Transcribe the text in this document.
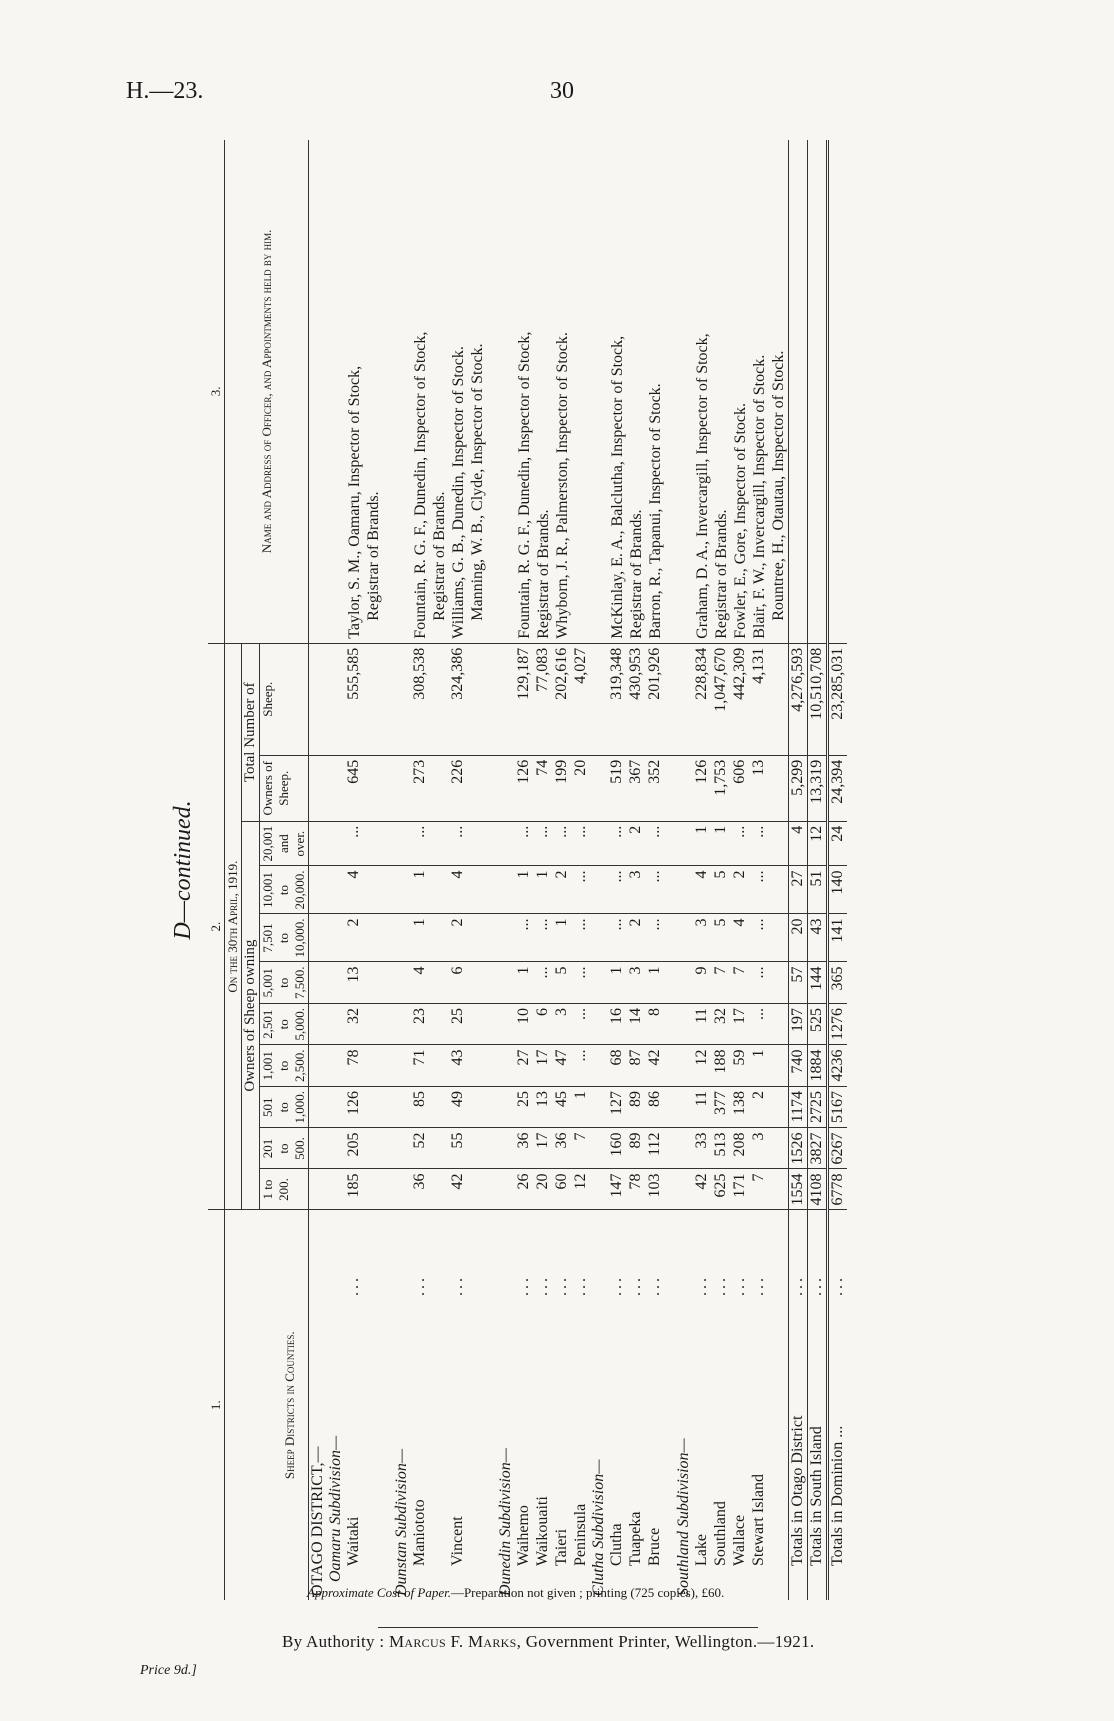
H.—23.	30
D—continued.
1.		2.											3.
Sheep Districts in Counties.		On the 30th April, 1919.											Name and Address of Officer, and Appointments held by him.
		Owners of Sheep owning									Total Number of		
		1 to 200.	201 to 500.	501 to 1,000.	1,001 to 2,500.	2,501 to 5,000.	5,001 to 7,500.	7,501 to 10,000.	10,001 to 20,000.	20,001 and over.	Owners of Sheep.	Sheep.	
OTAGO DISTRICT,—													
Oamaru Subdivision—													
Waitaki	...	185	205	126	78	32	13	2	4	...	645	555,585	Taylor, S. M., Oamaru, Inspector of Stock, Registrar of Brands.

Dunstan Subdivision—													
Maniototo	...	36	52	85	71	23	4	1	1	...	273	308,538	Fountain, R. G. F., Dunedin, Inspector of Stock, Registrar of Brands.

Vincent	...	42	55	49	43	25	6	2	4	...	226	324,386	Williams, G. B., Dunedin, Inspector of Stock. Manning, W. B., Clyde, Inspector of Stock.

Dunedin Subdivision—													
Waihemo	...	26	36	25	27	10	1	...	1	...	126	129,187	Fountain, R. G. F., Dunedin, Inspector of Stock,

Waikouaiti	...	20	17	13	17	6	...	...	1	...	74	77,083	Registrar of Brands.

Taieri	...	60	36	45	47	3	5	1	2	...	199	202,616	Whyborn, J. R., Palmerston, Inspector of Stock.

Peninsula	...	12	7	1	...	...	...	...	...	...	20	4,027	
Clutha Subdivision—													
Clutha	...	147	160	127	68	16	1	...	...	...	519	319,348	McKinlay, E. A., Balclutha, Inspector of Stock,

Tuapeka	...	78	89	89	87	14	3	2	3	2	367	430,953	Registrar of Brands.

Bruce	...	103	112	86	42	8	1	...	...	...	352	201,926	Barron, R., Tapanui, Inspector of Stock.

Southland Subdivision—													
Lake	...	42	33	11	12	11	9	3	4	1	126	228,834	Graham, D. A., Invercargill, Inspector of Stock,

Southland	...	625	513	377	188	32	7	5	5	1	1,753	1,047,670	Registrar of Brands.

Wallace	...	171	208	138	59	17	7	4	2	...	606	442,309	Fowler, E., Gore, Inspector of Stock.

Stewart Island	...	7	3	2	1	...	...	...	...	...	13	4,131	Blair, F. W., Invercargill, Inspector of Stock. Rountree, H., Otautau, Inspector of Stock.

Totals in Otago District	...	1554	1526	1174	740	197	57	20	27	4	5,299	4,276,593	
Totals in South Island	...	4108	3827	2725	1884	525	144	43	51	12	13,319	10,510,708	
Totals in Dominion ...	...	6778	6267	5167	4236	1276	365	141	140	24	24,394	23,285,031	
Approximate Cost of Paper.—Preparation not given ; printing (725 copies), £60.
By Authority : Marcus F. Marks, Government Printer, Wellington.—1921.
Price 9d.]
